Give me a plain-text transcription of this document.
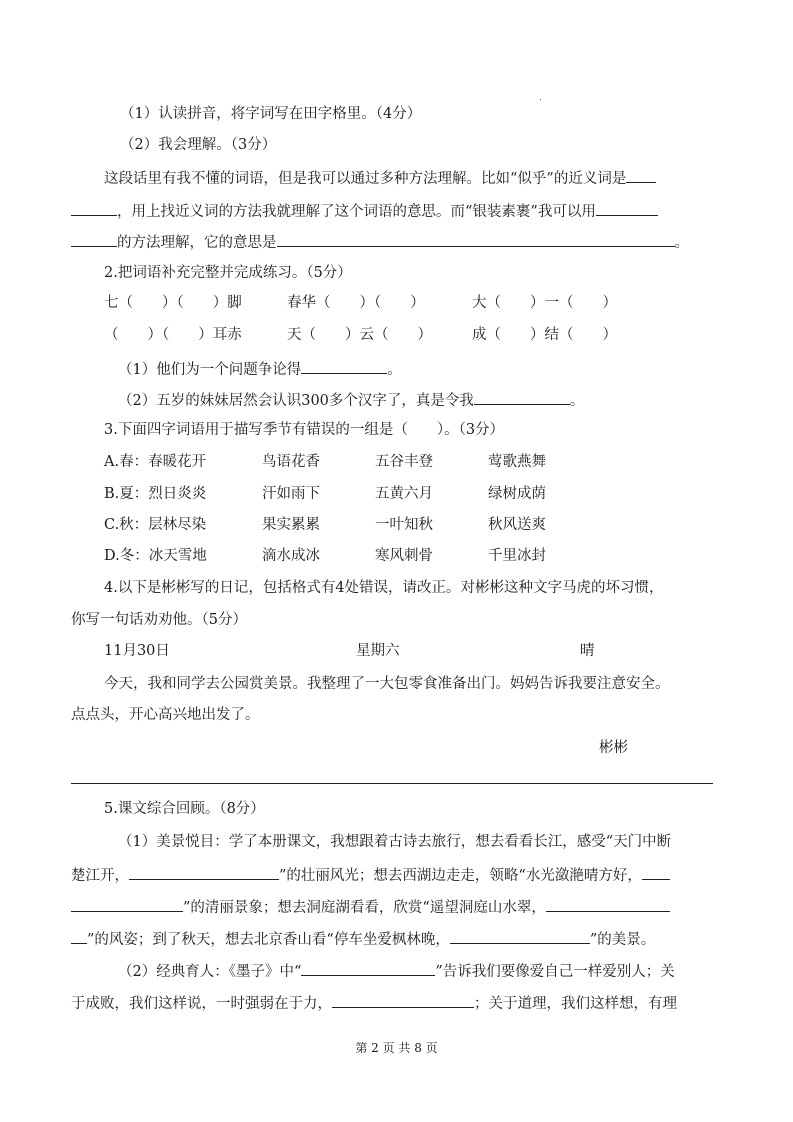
（1）认读拼音，将字词写在田字格里。（4分）
（2）我会理解。（3分）
这段话里有我不懂的词语，但是我可以通过多种方法理解。比如“似乎”的近义词是
，用上找近义词的方法我就理解了这个词语的意思。而“银装素裹”我可以用
的方法理解，它的意思是	。
2.把词语补充完整并完成练习。（5分）
七（　　）（　　）脚	春华（　　）（　　）	大（　　）一（　　）
（　　）（　　）耳赤	天（　　）云（　　）	成（　　）结（　　）
（1）他们为一个问题争论得	。
（2）五岁的妹妹居然会认识300多个汉字了，真是令我	。
3.下面四字词语用于描写季节有错误的一组是（　　）。（3分）
A.春：春暖花开	鸟语花香	五谷丰登	莺歌燕舞
B.夏：烈日炎炎	汗如雨下	五黄六月	绿树成荫
C.秋：层林尽染	果实累累	一叶知秋	秋风送爽
D.冬：冰天雪地	滴水成冰	寒风刺骨	千里冰封
4.以下是彬彬写的日记，包括格式有4处错误，请改正。对彬彬这种文字马虎的坏习惯，
你写一句话劝劝他。（5分）
11月30日	星期六	晴
今天，我和同学去公园赏美景。我整理了一大包零食准备出门。妈妈告诉我要注意安全。
点点头，开心高兴地出发了。
彬彬
5.课文综合回顾。（8分）
（1）美景悦目：学了本册课文，我想跟着古诗去旅行，想去看看长江，感受“天门中断
楚江开，	”的壮丽风光；想去西湖边走走，领略“水光潋滟晴方好，
”的清丽景象；想去洞庭湖看看，欣赏“遥望洞庭山水翠，
”的风姿；到了秋天，想去北京香山看“停车坐爱枫林晚，	”的美景。
（2）经典育人：《墨子》中“	”告诉我们要像爱自己一样爱别人；关
于成败，我们这样说，一时强弱在于力，	；关于道理，我们这样想，有理
第 2 页 共 8 页
